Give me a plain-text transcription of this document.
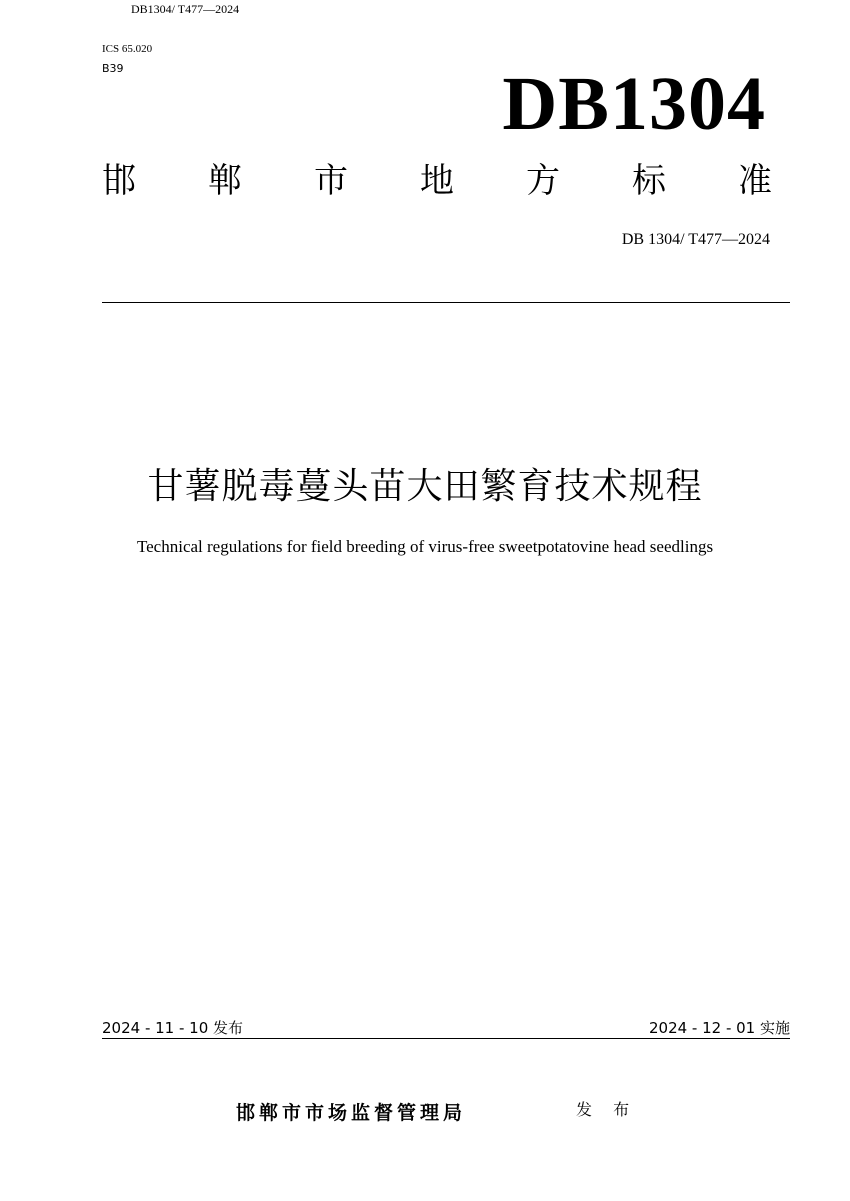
DB1304/ T477—2024
ICS 65.020
B39	DB1304
邯 郸 市 地 方 标 准
DB 1304/ T477—2024
甘薯脱毒蔓头苗大田繁育技术规程
Technical regulations for field breeding of virus-free sweetpotatovine head seedlings
2024 - 11 - 10 发布	2024 - 12 - 01 实施
邯郸市市场监督管理局	发 布
